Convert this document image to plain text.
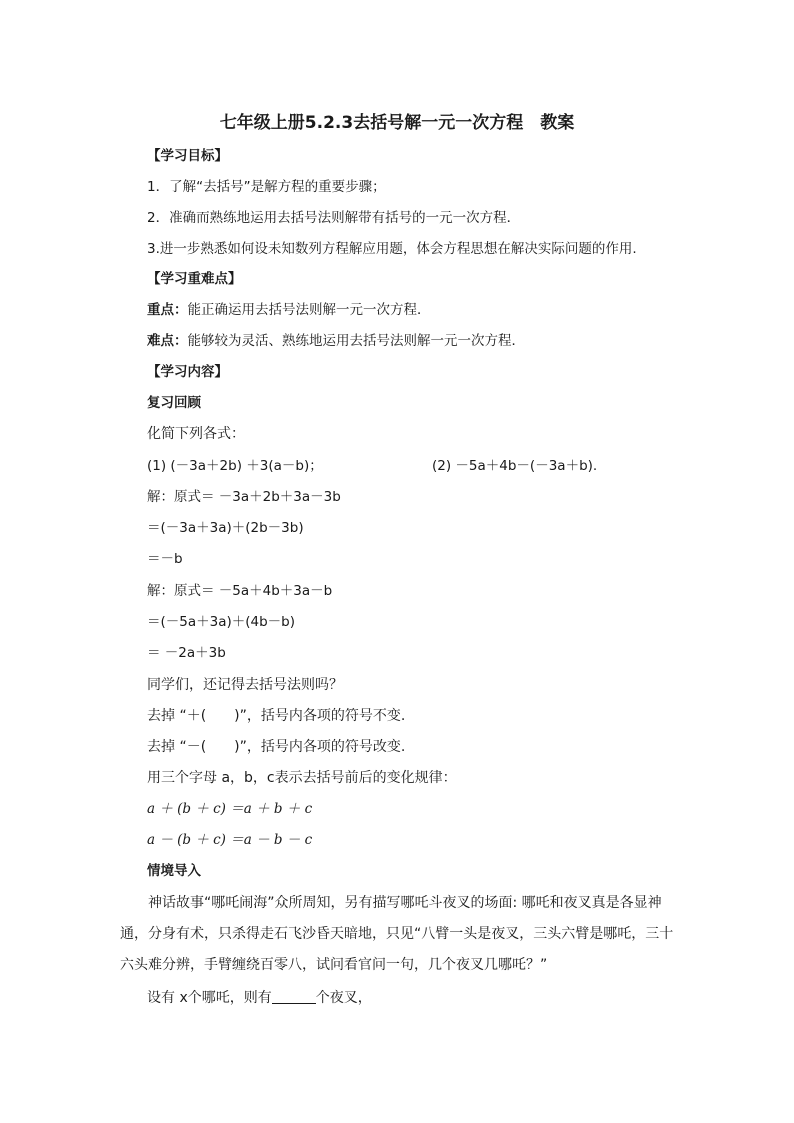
七年级上册5.2.3去括号解一元一次方程　教案
【学习目标】
1．了解“去括号”是解方程的重要步骤；
2．准确而熟练地运用去括号法则解带有括号的一元一次方程．
3.进一步熟悉如何设未知数列方程解应用题，体会方程思想在解决实际问题的作用.
【学习重难点】
重点：能正确运用去括号法则解一元一次方程．
难点：能够较为灵活、熟练地运用去括号法则解一元一次方程．
【学习内容】
复习回顾
化简下列各式：
(1) (－3a＋2b) ＋3(a－b)；	(2) －5a＋4b－(－3a＋b).
解：原式＝ －3a＋2b＋3a－3b
＝(－3a＋3a)＋(2b－3b)
＝－b
解：原式＝ －5a＋4b＋3a－b
＝(－5a＋3a)＋(4b－b)
＝ －2a＋3b
同学们，还记得去括号法则吗？
去掉 “＋(　　)”，括号内各项的符号不变.
去掉 “－(　　)”，括号内各项的符号改变.
用三个字母 a，b，c表示去括号前后的变化规律：
a ＋ (b ＋ c) ＝a ＋ b ＋ c
a － (b ＋ c) ＝a － b － c
情境导入
神话故事“哪吒闹海”众所周知，另有描写哪吒斗夜叉的场面: 哪吒和夜叉真是各显神通，分身有术，只杀得走石飞沙昏天暗地，只见“八臂一头是夜叉，三头六臂是哪吒，三十六头难分辨，手臂缠绕百零八，试问看官问一句，几个夜叉几哪吒？”
设有 x个哪吒，则有	个夜叉，
